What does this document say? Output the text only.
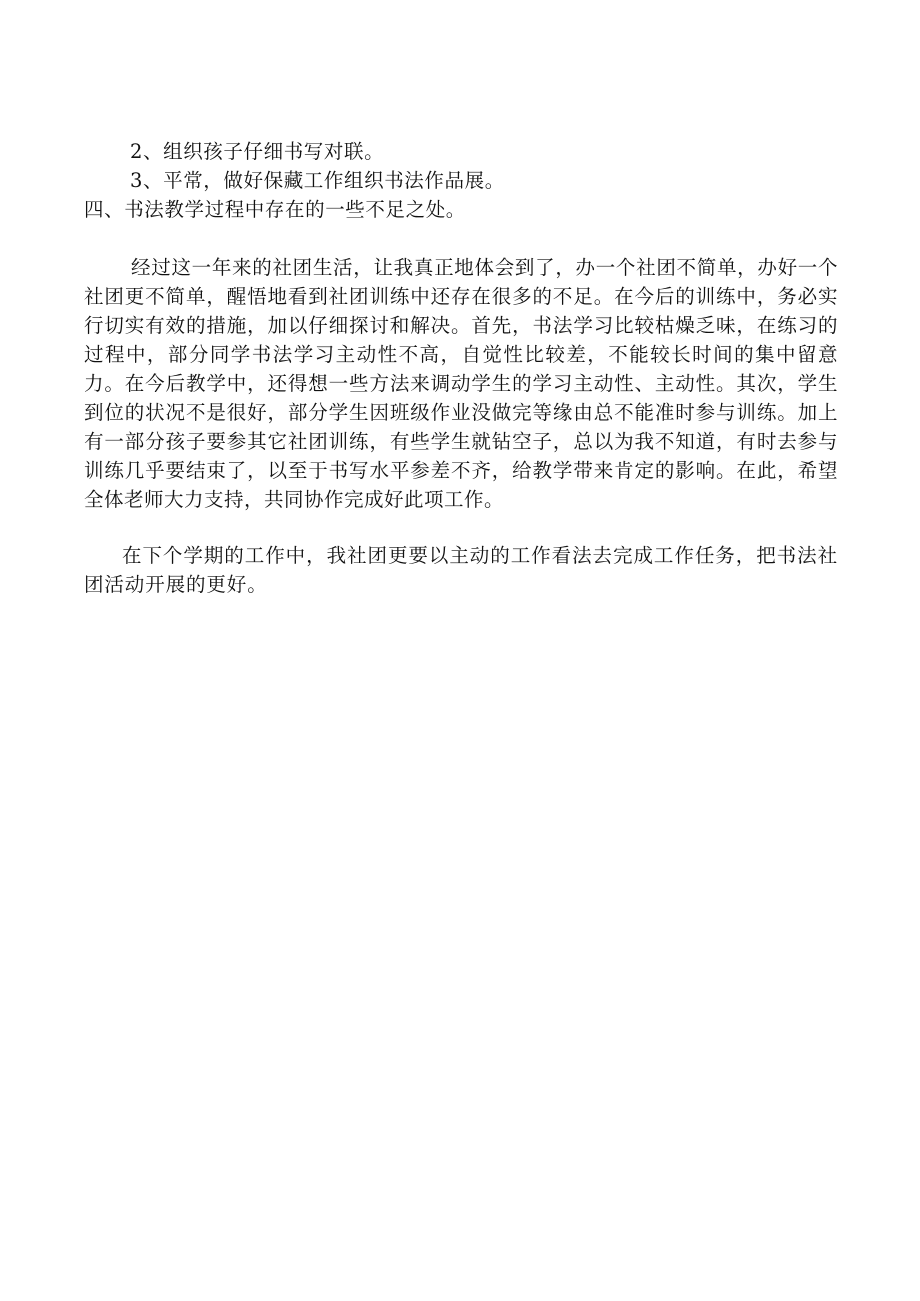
2、组织孩子仔细书写对联。
3、平常，做好保藏工作组织书法作品展。
四、书法教学过程中存在的一些不足之处。

经过这一年来的社团生活，让我真正地体会到了，办一个社团不简单，办好一个社团更不简单，醒悟地看到社团训练中还存在很多的不足。在今后的训练中，务必实行切实有效的措施，加以仔细探讨和解决。首先，书法学习比较枯燥乏味，在练习的过程中，部分同学书法学习主动性不高，自觉性比较差，不能较长时间的集中留意力。在今后教学中，还得想一些方法来调动学生的学习主动性、主动性。其次，学生到位的状况不是很好，部分学生因班级作业没做完等缘由总不能准时参与训练。加上有一部分孩子要参其它社团训练，有些学生就钻空子，总以为我不知道，有时去参与训练几乎要结束了，以至于书写水平参差不齐，给教学带来肯定的影响。在此，希望全体老师大力支持，共同协作完成好此项工作。

在下个学期的工作中，我社团更要以主动的工作看法去完成工作任务，把书法社团活动开展的更好。
